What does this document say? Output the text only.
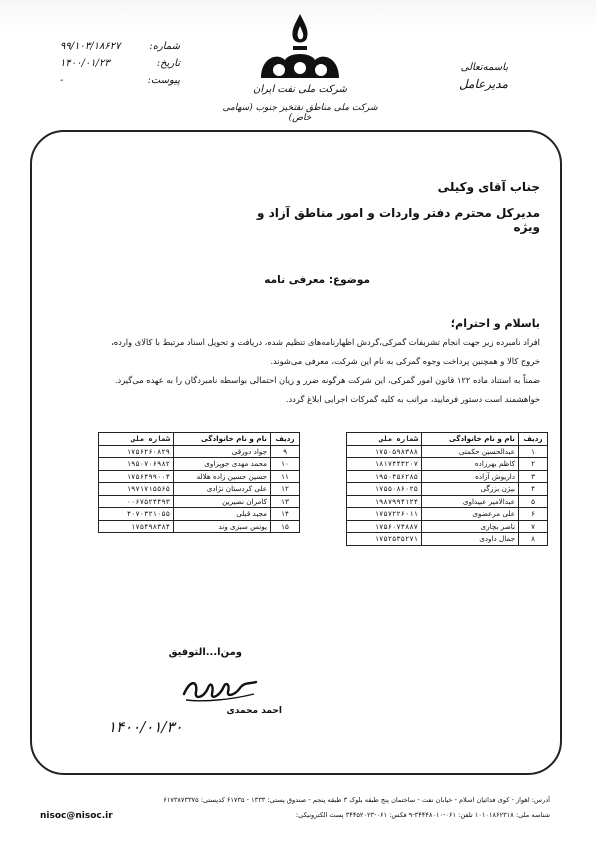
شماره:
۹۹/۱۰۳/۱۸۶۲۷
تاریخ:
۱۴۰۰/۰۱/۲۳
پیوست:
-
شرکت ملی نفت ایران
شرکت ملی مناطق نفتخیز جنوب (سهامی خاص)
باسمه‌تعالی
مدیرعامل
جناب آقای وکیلی
مدیرکل محترم دفتر واردات و امور مناطق آزاد و ویژه
موضوع: معرفی نامه
باسلام و احترام؛
افراد نامبرده زیر جهت انجام تشریفات گمرکی،گردش اظهارنامه‌های تنظیم شده، دریافت و تحویل اسناد مرتبط با کالای وارده،
خروج کالا و همچنین پرداخت وجوه گمرکی به نام این شرکت، معرفی می‌شوند.
ضمناً به استناد ماده ۱۲۲ قانون امور گمرکی، این شرکت هرگونه ضرر و زیان احتمالی بواسطه نامبردگان را به عهده می‌گیرد.
خواهشمند است دستور فرمایید، مراتب به کلیه گمرکات اجرایی ابلاغ گردد.
ردیف	نام و نام خانوادگی	شماره ملی
۱	عبدالحسین حکمتی	۱۷۵۰۵۹۸۳۸۸
۲	کاظم بهرزاده	۱۸۱۷۴۴۳۲۰۷
۳	داریوش آزاده	۱۹۵۰۴۵۶۲۸۵
۴	بیژن بززگی	۱۷۵۵۰۸۶۰۲۵
۵	عبدالامیر عبیداوی	۱۹۸۷۹۹۴۱۲۴
۶	علی مرعضوی	۱۷۵۷۲۲۶۰۱۱
۷	ناصر بچاری	۱۷۵۶۰۷۴۸۸۷
۸	جمال داودی	۱۷۵۲۵۳۵۲۷۱
ردیف	نام و نام خانوادگی	شماره ملی
۹	جواد دورقی	۱۷۵۶۲۶۰۸۲۹
۱۰	محمد مهدی جوپزاوی	۱۹۵۰۷۰۶۹۸۲
۱۱	حسین حسین زاده هلاله	۱۷۵۶۴۹۹۰۰۴
۱۲	علی کردستان نژادی	۱۹۷۱۷۱۵۵۶۵
۱۳	کامران نصیرین	۰۰۶۷۵۲۴۴۹۳
۱۴	مجید قبلی	۴۰۷۰۳۲۱۰۵۵
۱۵	یونس سبزی وند	۱۷۵۴۹۸۳۸۴
ومن‌ا...التوفیق
۱۴۰۰/۰۱/۳۰
احمد محمدی
آدرس: اهواز - کوی فدائیان اسلام - خیابان نفت - ساختمان پنج طبقه بلوک ۳ طبقه پنجم - صندوق پستی: ۱۳۳۳ - ۶۱۷۳۵ کدپستی: ۶۱۷۳۸۷۳۳۷۵
nisoc@nisoc.ir	شناسه ملی: ۱۰۱۰۱۸۶۲۳۱۸ تلفن: ۰۶۱-۳۴۴۴۸۰۱۰-۹ فکس: ۰۶۱-۳۴۴۵۲۰۲۳ پست الکترونیکی:
